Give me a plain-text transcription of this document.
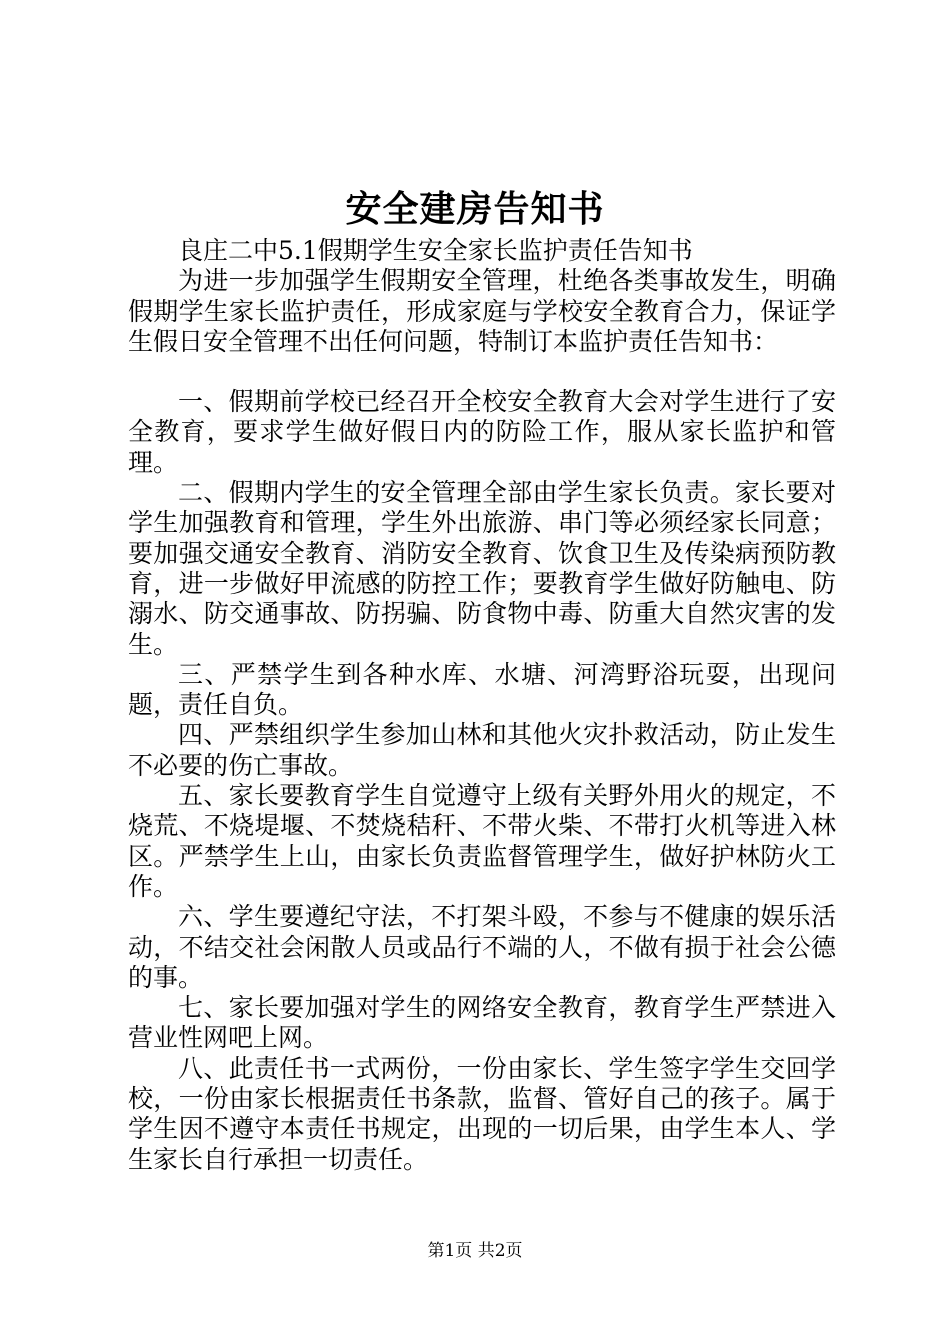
安全建房告知书

良庄二中5.1假期学生安全家长监护责任告知书

为进一步加强学生假期安全管理，杜绝各类事故发生，明确假期学生家长监护责任，形成家庭与学校安全教育合力，保证学生假日安全管理不出任何问题，特制订本监护责任告知书：

一、假期前学校已经召开全校安全教育大会对学生进行了安全教育，要求学生做好假日内的防险工作，服从家长监护和管理。

二、假期内学生的安全管理全部由学生家长负责。家长要对学生加强教育和管理，学生外出旅游、串门等必须经家长同意；要加强交通安全教育、消防安全教育、饮食卫生及传染病预防教育，进一步做好甲流感的防控工作；要教育学生做好防触电、防溺水、防交通事故、防拐骗、防食物中毒、防重大自然灾害的发生。

三、严禁学生到各种水库、水塘、河湾野浴玩耍，出现问题，责任自负。

四、严禁组织学生参加山林和其他火灾扑救活动，防止发生不必要的伤亡事故。

五、家长要教育学生自觉遵守上级有关野外用火的规定，不烧荒、不烧堤堰、不焚烧秸秆、不带火柴、不带打火机等进入林区。严禁学生上山，由家长负责监督管理学生，做好护林防火工作。

六、学生要遵纪守法，不打架斗殴，不参与不健康的娱乐活动，不结交社会闲散人员或品行不端的人，不做有损于社会公德的事。

七、家长要加强对学生的网络安全教育，教育学生严禁进入营业性网吧上网。

八、此责任书一式两份，一份由家长、学生签字学生交回学校，一份由家长根据责任书条款，监督、管好自己的孩子。属于学生因不遵守本责任书规定，出现的一切后果，由学生本人、学生家长自行承担一切责任。

第1页 共2页
